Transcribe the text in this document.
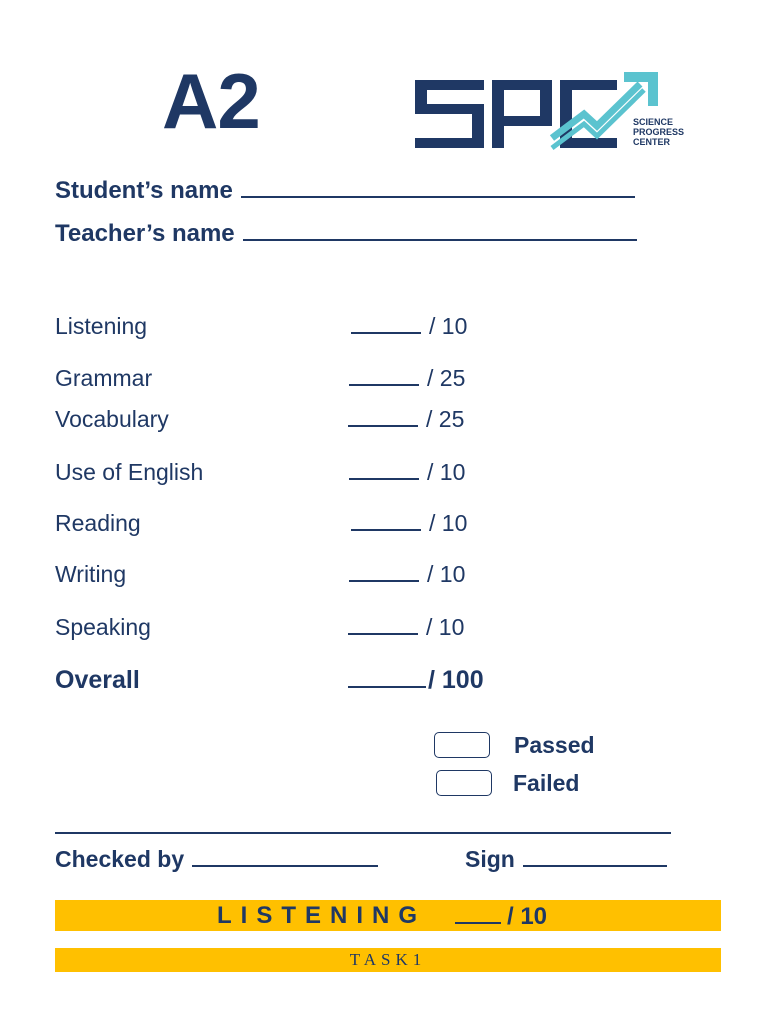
A2	SCIENCE
PROGRESS
CENTER
Student’s name
Teacher’s name
Listening	/ 10
Grammar	/ 25
Vocabulary	/ 25
Use of English	/ 10
Reading	/ 10
Writing	/ 10
Speaking	/ 10
Overall	/ 100
Passed
Failed
Checked by	Sign
LISTENING	/ 10
TASK1
